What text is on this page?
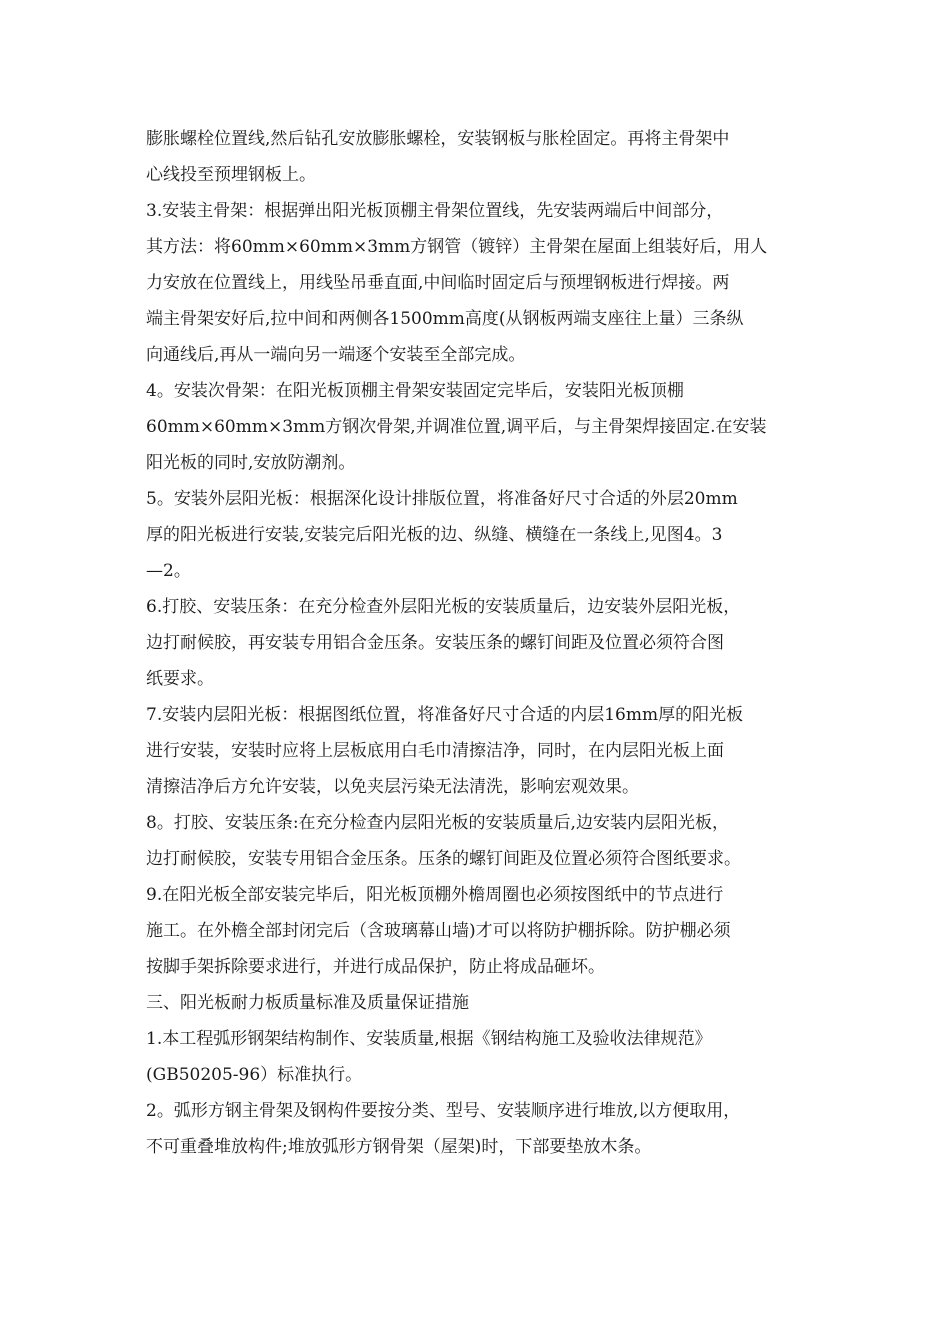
膨胀螺栓位置线,然后钻孔安放膨胀螺栓，安装钢板与胀栓固定。再将主骨架中
心线投至预埋钢板上。
3.安装主骨架：根据弹出阳光板顶棚主骨架位置线，先安装两端后中间部分，
其方法：将60mm×60mm×3mm方钢管（镀锌）主骨架在屋面上组装好后，用人
力安放在位置线上，用线坠吊垂直面,中间临时固定后与预埋钢板进行焊接。两
端主骨架安好后,拉中间和两侧各1500mm高度(从钢板两端支座往上量）三条纵
向通线后,再从一端向另一端逐个安装至全部完成。
4。安装次骨架：在阳光板顶棚主骨架安装固定完毕后，安装阳光板顶棚
60mm×60mm×3mm方钢次骨架,并调准位置,调平后，与主骨架焊接固定.在安装
阳光板的同时,安放防潮剂。
5。安装外层阳光板：根据深化设计排版位置，将准备好尺寸合适的外层20mm
厚的阳光板进行安装,安装完后阳光板的边、纵缝、横缝在一条线上,见图4。3
—2。
6.打胶、安装压条：在充分检查外层阳光板的安装质量后，边安装外层阳光板，
边打耐候胶，再安装专用铝合金压条。安装压条的螺钉间距及位置必须符合图
纸要求。
7.安装内层阳光板：根据图纸位置，将准备好尺寸合适的内层16mm厚的阳光板
进行安装，安装时应将上层板底用白毛巾清擦洁净，同时，在内层阳光板上面
清擦洁净后方允许安装，以免夹层污染无法清洗，影响宏观效果。
8。打胶、安装压条:在充分检查内层阳光板的安装质量后,边安装内层阳光板，
边打耐候胶，安装专用铝合金压条。压条的螺钉间距及位置必须符合图纸要求。
9.在阳光板全部安装完毕后，阳光板顶棚外檐周圈也必须按图纸中的节点进行
施工。在外檐全部封闭完后（含玻璃幕山墙)才可以将防护棚拆除。防护棚必须
按脚手架拆除要求进行，并进行成品保护，防止将成品砸坏。
三、阳光板耐力板质量标准及质量保证措施
1.本工程弧形钢架结构制作、安装质量,根据《钢结构施工及验收法律规范》
(GB50205-96）标准执行。
2。弧形方钢主骨架及钢构件要按分类、型号、安装顺序进行堆放,以方便取用，
不可重叠堆放构件;堆放弧形方钢骨架（屋架)时，下部要垫放木条。
